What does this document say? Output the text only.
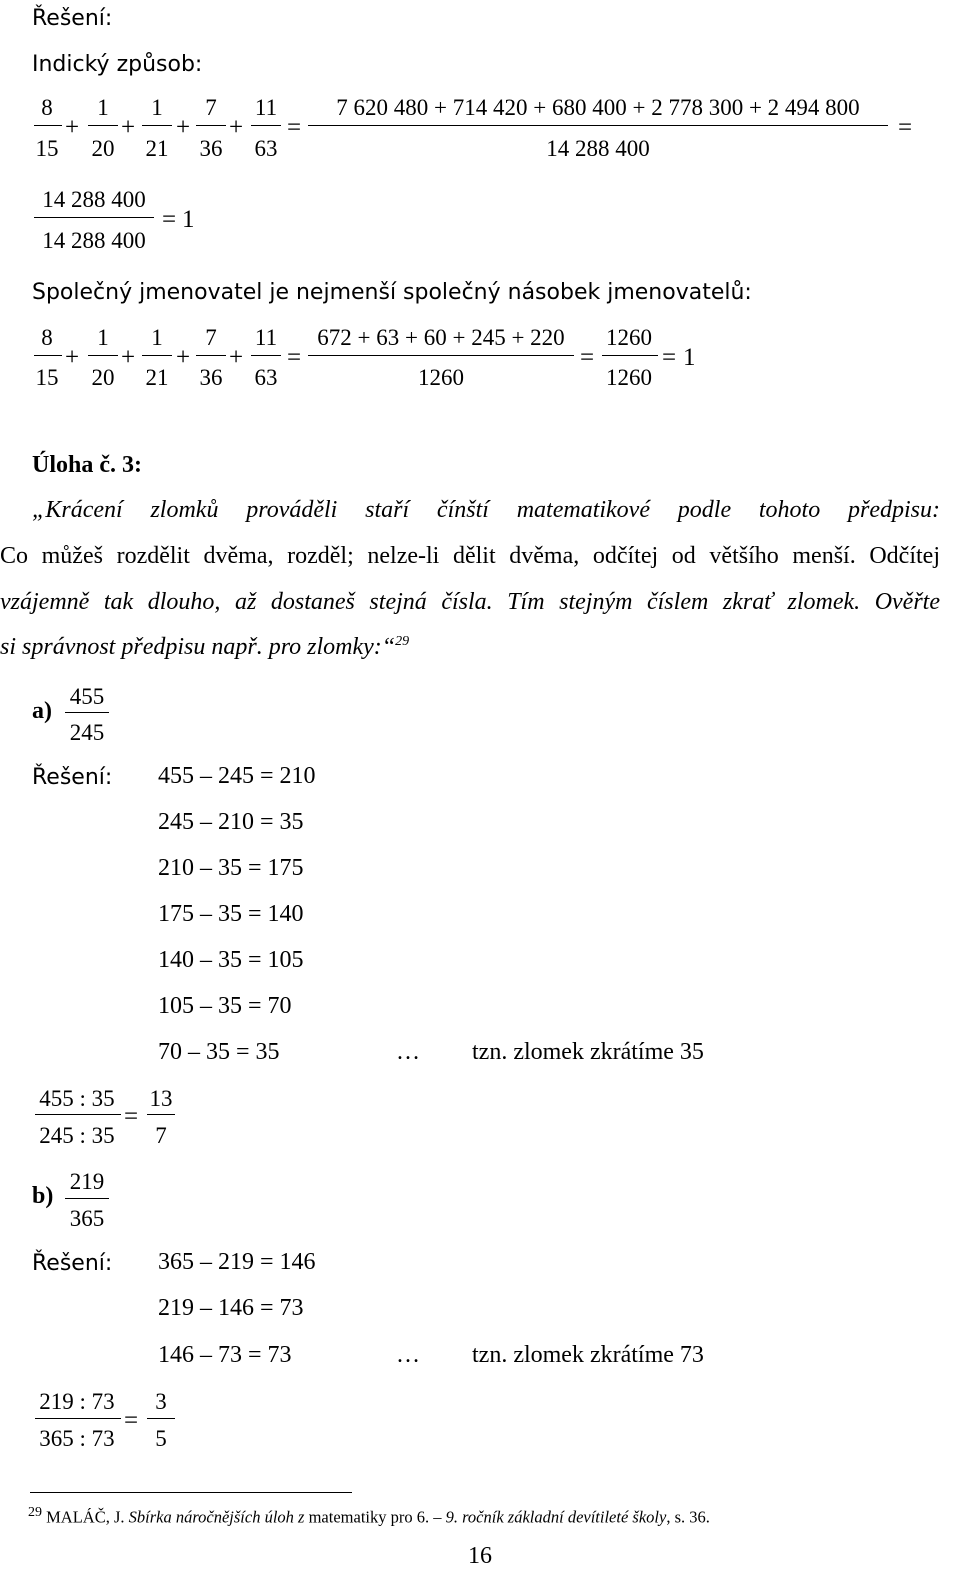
Řešení:
Indický způsob:
8
15
+
1
20
+
1
21
+
7
36
+
11
63
=
7 620 480 + 714 420 + 680 400 + 2 778 300 + 2 494 800
14 288 400
=
14 288 400
14 288 400
= 1
Společný jmenovatel je nejmenší společný násobek jmenovatelů:
8
15
+
1
20
+
1
21
+
7
36
+
11
63
=
672 + 63 + 60 + 245 + 220
1260
=
1260
1260
= 1
Úloha č. 3:
„Krácení zlomků prováděli staří čínští matematikové podle tohoto předpisu:
Co můžeš rozdělit dvěma, rozděl; nelze-li dělit dvěma, odčítej od většího menší. Odčítej
vzájemně tak dlouho, až dostaneš stejná čísla. Tím stejným číslem zkrať zlomek. Ověřte
si správnost předpisu např. pro zlomky:“$^{29}$
a)
455
245
Řešení: 455 – 245 = 210
245 – 210 = 35
210 – 35 = 175
175 – 35 = 140
140 – 35 = 105
105 – 35 = 70
70 – 35 = 35	… tzn. zlomek zkrátíme 35
455 : 35
245 : 35
=
13
7
b)
219
365
Řešení: 365 – 219 = 146
219 – 146 = 73
146 – 73 = 73	… tzn. zlomek zkrátíme 73
219 : 73
365 : 73
=
3
5
$^{29}$ MALÁČ, J. Sbírka náročnějších úloh z matematiky pro 6. – 9. ročník základní devítileté školy, s. 36.
16
